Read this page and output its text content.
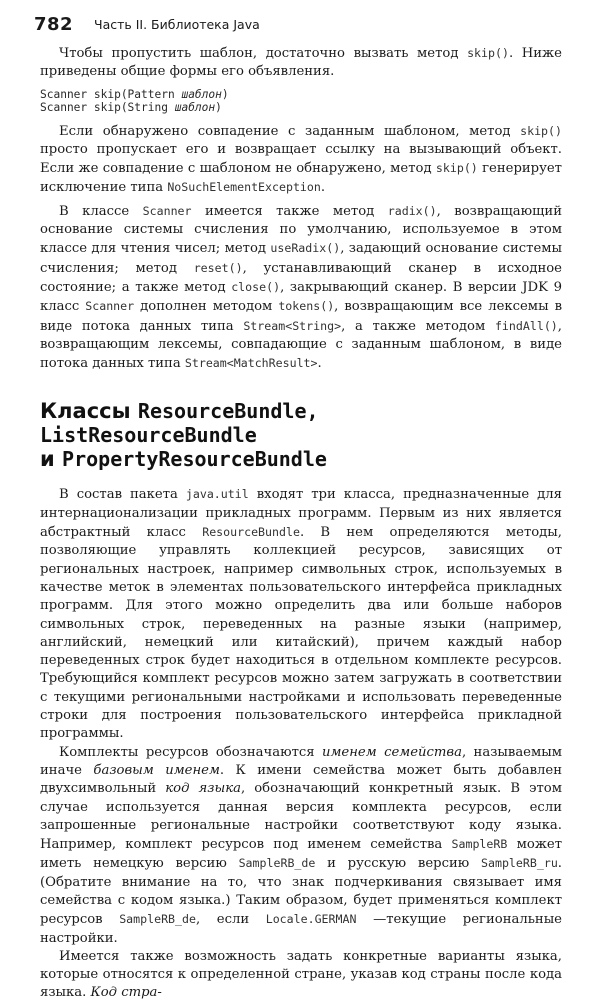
782 Часть II. Библиотека Java

Чтобы пропустить шаблон, достаточно вызвать метод skip(). Ниже приведены общие формы его объявления.

Scanner skip(Pattern шаблон)
Scanner skip(String шаблон)

Если обнаружено совпадение с заданным шаблоном, метод skip() просто пропускает его и возвращает ссылку на вызывающий объект. Если же совпадение с шаблоном не обнаружено, метод skip() генерирует исключение типа NoSuchElementException.

В классе Scanner имеется также метод radix(), возвращающий основание системы счисления по умолчанию, используемое в этом классе для чтения чисел; метод useRadix(), задающий основание системы счисления; метод reset(), устанавливающий сканер в исходное состояние; а также метод close(), закрывающий сканер. В версии JDK 9 класс Scanner дополнен методом tokens(), возвращающим все лексемы в виде потока данных типа Stream<String>, а также методом findAll(), возвращающим лексемы, совпадающие с заданным шаблоном, в виде потока данных типа Stream<MatchResult>.

Классы ResourceBundle,
ListResourceBundle
и PropertyResourceBundle

В состав пакета java.util входят три класса, предназначенные для интернационализации прикладных программ. Первым из них является абстрактный класс ResourceBundle. В нем определяются методы, позволяющие управлять коллекцией ресурсов, зависящих от региональных настроек, например символьных строк, используемых в качестве меток в элементах пользовательского интерфейса прикладных программ. Для этого можно определить два или больше наборов символьных строк, переведенных на разные языки (например, английский, немецкий или китайский), причем каждый набор переведенных строк будет находиться в отдельном комплекте ресурсов. Требующийся комплект ресурсов можно затем загружать в соответствии с текущими региональными настройками и использовать переведенные строки для построения пользовательского интерфейса прикладной программы.

Комплекты ресурсов обозначаются именем семейства, называемым иначе базовым именем. К имени семейства может быть добавлен двухсимвольный код языка, обозначающий конкретный язык. В этом случае используется данная версия комплекта ресурсов, если запрошенные региональные настройки соответствуют коду языка. Например, комплект ресурсов под именем семейства SampleRB может иметь немецкую версию SampleRB_de и русскую версию SampleRB_ru. (Обратите внимание на то, что знак подчеркивания связывает имя семейства с кодом языка.) Таким образом, будет применяться комплект ресурсов SampleRB_de, если Locale.GERMAN —текущие региональные настройки.

Имеется также возможность задать конкретные варианты языка, которые относятся к определенной стране, указав код страны после кода языка. Код стра-
